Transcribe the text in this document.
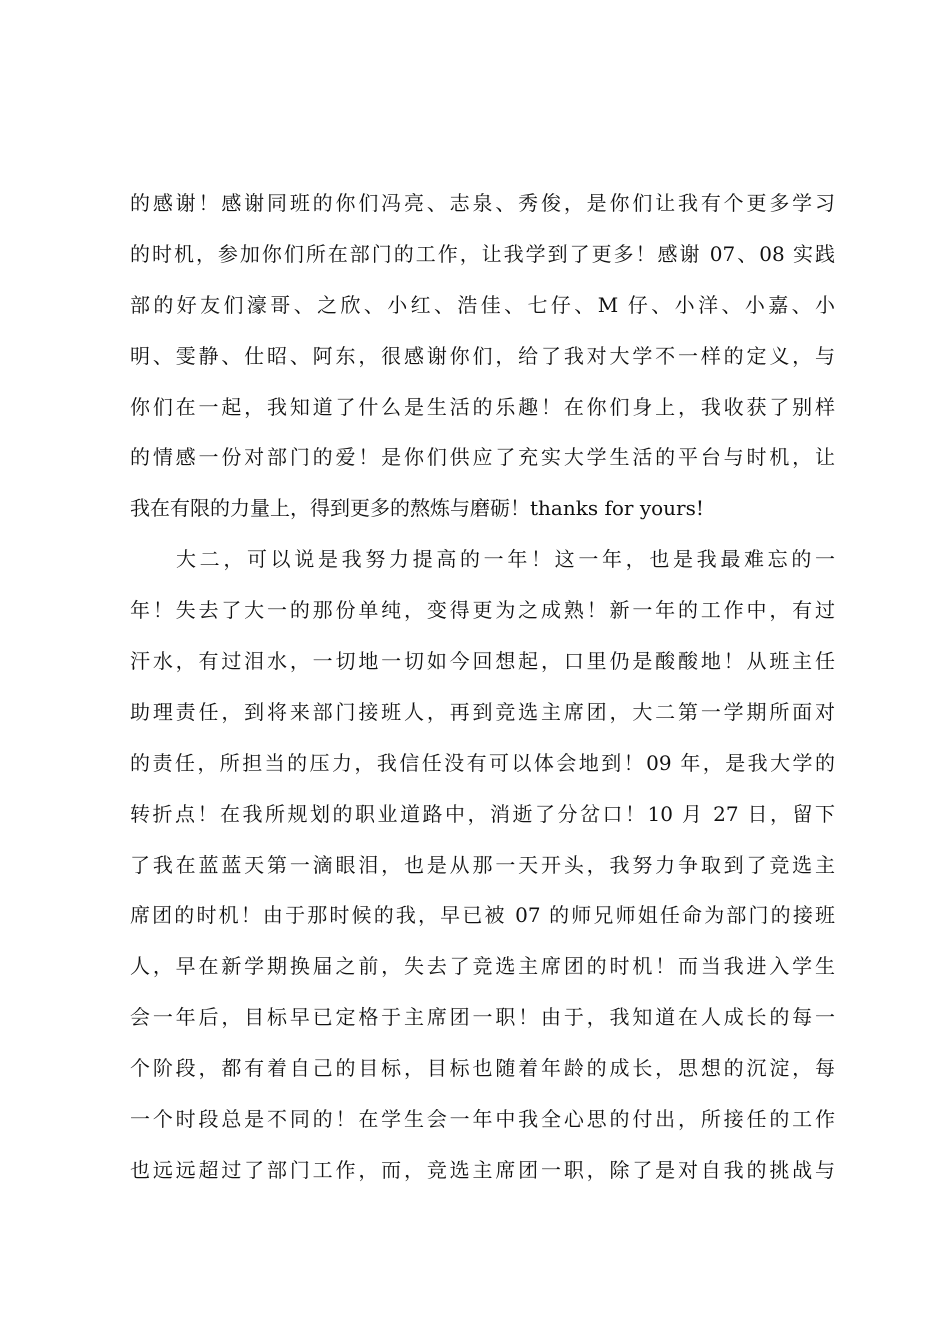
的感谢！感谢同班的你们冯亮、志泉、秀俊，是你们让我有个更多学习
的时机，参加你们所在部门的工作，让我学到了更多！感谢 07、08 实践
部的好友们濠哥、之欣、小红、浩佳、七仔、M 仔、小洋、小嘉、小
明、雯静、仕昭、阿东，很感谢你们，给了我对大学不一样的定义，与
你们在一起，我知道了什么是生活的乐趣！在你们身上，我收获了别样
的情感一份对部门的爱！是你们供应了充实大学生活的平台与时机，让
我在有限的力量上，得到更多的熬炼与磨砺！thanks for yours!
大二，可以说是我努力提高的一年！这一年，也是我最难忘的一
年！失去了大一的那份单纯，变得更为之成熟！新一年的工作中，有过
汗水，有过泪水，一切地一切如今回想起，口里仍是酸酸地！从班主任
助理责任，到将来部门接班人，再到竞选主席团，大二第一学期所面对
的责任，所担当的压力，我信任没有可以体会地到！09 年，是我大学的
转折点！在我所规划的职业道路中，消逝了分岔口！10 月 27 日，留下
了我在蓝蓝天第一滴眼泪，也是从那一天开头，我努力争取到了竞选主
席团的时机！由于那时候的我，早已被 07 的师兄师姐任命为部门的接班
人，早在新学期换届之前，失去了竞选主席团的时机！而当我进入学生
会一年后，目标早已定格于主席团一职！由于，我知道在人成长的每一
个阶段，都有着自己的目标，目标也随着年龄的成长，思想的沉淀，每
一个时段总是不同的！在学生会一年中我全心思的付出，所接任的工作
也远远超过了部门工作，而，竞选主席团一职，除了是对自我的挑战与
